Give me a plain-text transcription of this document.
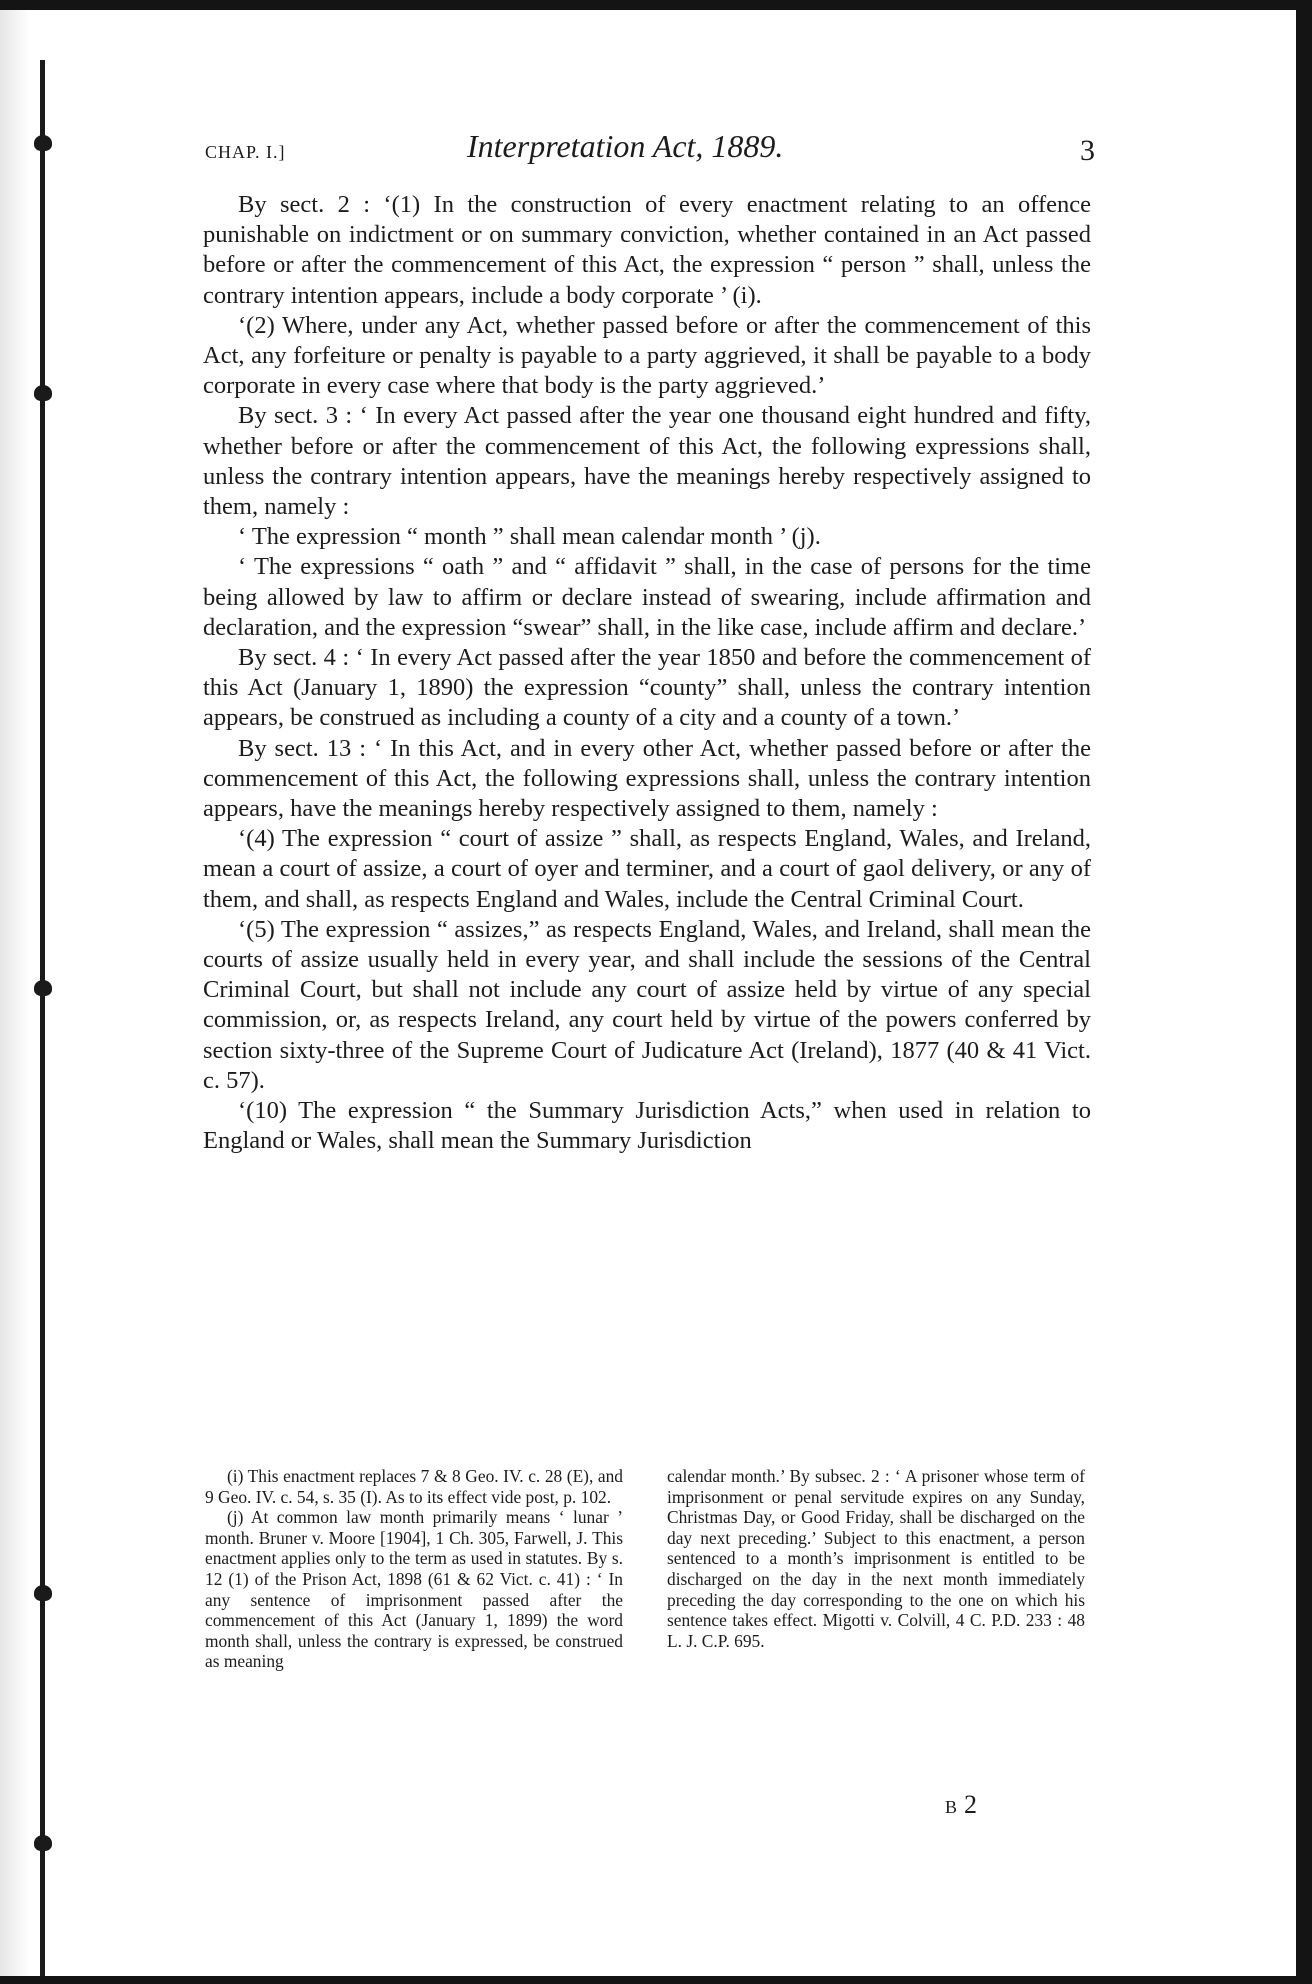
CHAP. I.]	Interpretation Act, 1889.	3

By sect. 2 : ‘(1) In the construction of every enactment relating to an offence punishable on indictment or on summary conviction, whether contained in an Act passed before or after the commencement of this Act, the expression “ person ” shall, unless the contrary intention appears, include a body corporate ’ (i).

‘(2) Where, under any Act, whether passed before or after the commencement of this Act, any forfeiture or penalty is payable to a party aggrieved, it shall be payable to a body corporate in every case where that body is the party aggrieved.’

By sect. 3 : ‘ In every Act passed after the year one thousand eight hundred and fifty, whether before or after the commencement of this Act, the following expressions shall, unless the contrary intention appears, have the meanings hereby respectively assigned to them, namely :

‘ The expression “ month ” shall mean calendar month ’ (j).

‘ The expressions “ oath ” and “ affidavit ” shall, in the case of persons for the time being allowed by law to affirm or declare instead of swearing, include affirmation and declaration, and the expression “swear” shall, in the like case, include affirm and declare.’

By sect. 4 : ‘ In every Act passed after the year 1850 and before the commencement of this Act (January 1, 1890) the expression “county” shall, unless the contrary intention appears, be construed as including a county of a city and a county of a town.’

By sect. 13 : ‘ In this Act, and in every other Act, whether passed before or after the commencement of this Act, the following expressions shall, unless the contrary intention appears, have the meanings hereby respectively assigned to them, namely :

‘(4) The expression “ court of assize ” shall, as respects England, Wales, and Ireland, mean a court of assize, a court of oyer and terminer, and a court of gaol delivery, or any of them, and shall, as respects England and Wales, include the Central Criminal Court.

‘(5) The expression “ assizes,” as respects England, Wales, and Ireland, shall mean the courts of assize usually held in every year, and shall include the sessions of the Central Criminal Court, but shall not include any court of assize held by virtue of any special commission, or, as respects Ireland, any court held by virtue of the powers conferred by section sixty-three of the Supreme Court of Judicature Act (Ireland), 1877 (40 & 41 Vict. c. 57).

‘(10) The expression “ the Summary Jurisdiction Acts,” when used in relation to England or Wales, shall mean the Summary Jurisdiction

(i) This enactment replaces 7 & 8 Geo. IV. c. 28 (E), and 9 Geo. IV. c. 54, s. 35 (I). As to its effect vide post, p. 102.

(j) At common law month primarily means ‘ lunar ’ month. Bruner v. Moore [1904], 1 Ch. 305, Farwell, J. This enactment applies only to the term as used in statutes. By s. 12 (1) of the Prison Act, 1898 (61 & 62 Vict. c. 41) : ‘ In any sentence of imprisonment passed after the commencement of this Act (January 1, 1899) the word month shall, unless the contrary is expressed, be construed as meaning

calendar month.’ By subsec. 2 : ‘ A prisoner whose term of imprisonment or penal servitude expires on any Sunday, Christmas Day, or Good Friday, shall be discharged on the day next preceding.’ Subject to this enactment, a person sentenced to a month’s imprisonment is entitled to be discharged on the day in the next month immediately preceding the day corresponding to the one on which his sentence takes effect. Migotti v. Colvill, 4 C. P.D. 233 : 48 L. J. C.P. 695.

B 2
